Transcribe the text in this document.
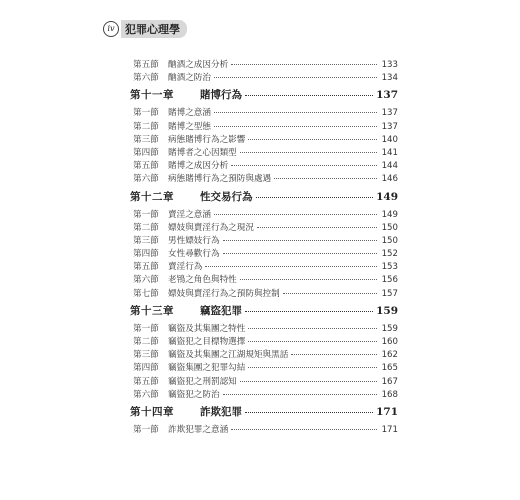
iv 犯罪心理學
第五節	酗酒之成因分析	133
第六節	酗酒之防治	134
第十一章	賭博行為	137
第一節	賭博之意涵	137
第二節	賭博之型態	137
第三節	病態賭博行為之影響	140
第四節	賭博者之心因類型	141
第五節	賭博之成因分析	144
第六節	病態賭博行為之預防與處遇	146
第十二章	性交易行為	149
第一節	賣淫之意涵	149
第二節	嫖妓與賣淫行為之現況	150
第三節	男性嫖妓行為	150
第四節	女性尋歡行為	152
第五節	賣淫行為	153
第六節	老鴇之角色與特性	156
第七節	嫖妓與賣淫行為之預防與控制	157
第十三章	竊盜犯罪	159
第一節	竊盜及其集團之特性	159
第二節	竊盜犯之目標物選擇	160
第三節	竊盜及其集團之江湖規矩與黑話	162
第四節	竊盜集團之犯罪勾結	165
第五節	竊盜犯之刑罰認知	167
第六節	竊盜犯之防治	168
第十四章	詐欺犯罪	171
第一節	詐欺犯罪之意涵	171
